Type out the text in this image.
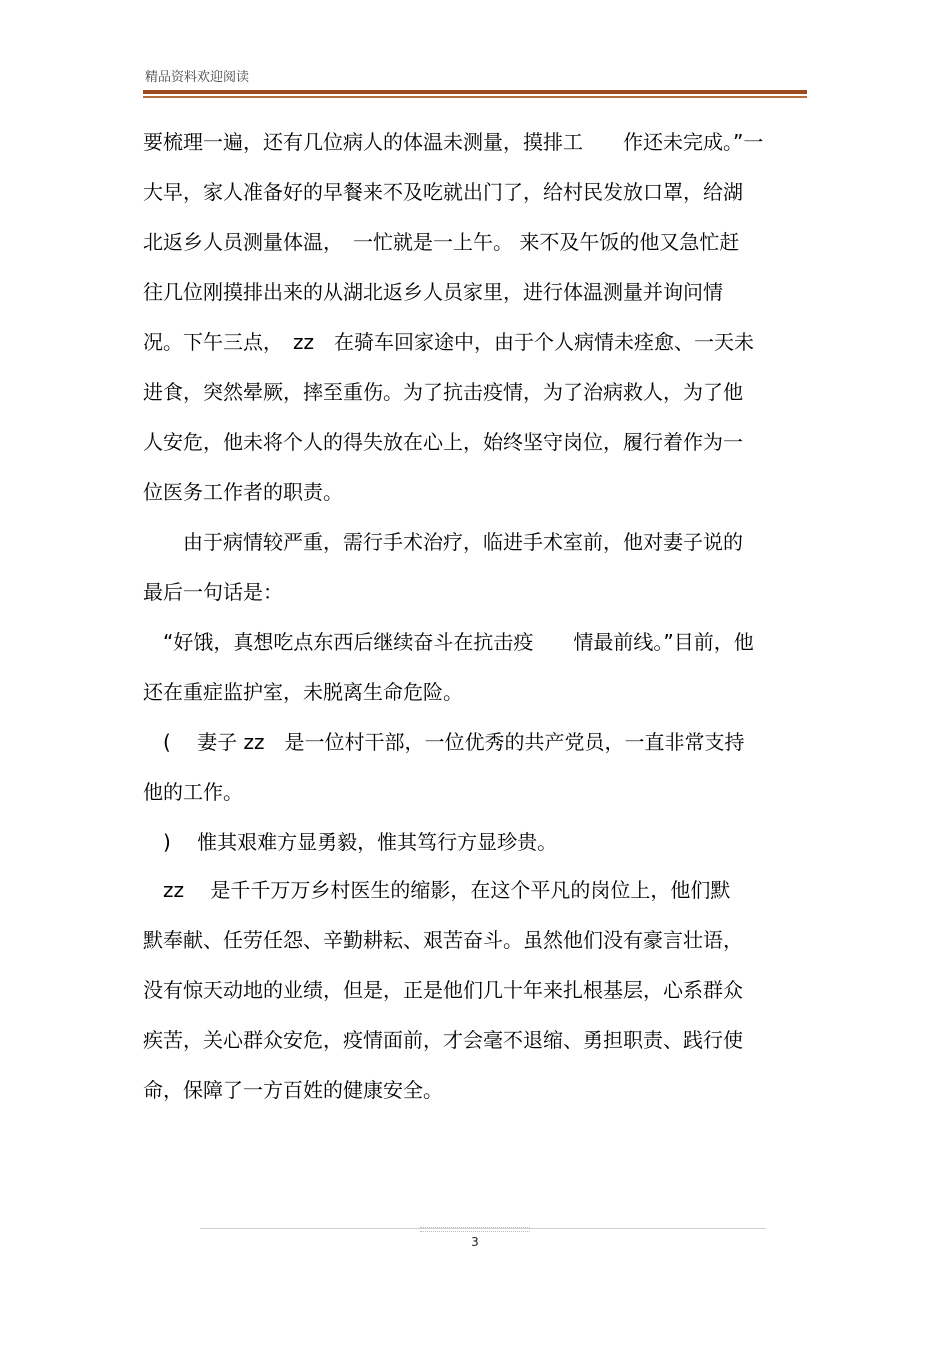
精品资料欢迎阅读
要梳理一遍，还有几位病人的体温未测量，摸排工　　作还未完成。”一
大早，家人准备好的早餐来不及吃就出门了，给村民发放口罩，给湖
北返乡人员测量体温，　一忙就是一上午。 来不及午饭的他又急忙赶
往几位刚摸排出来的从湖北返乡人员家里，进行体温测量并询问情
况。下午三点，　zz　在骑车回家途中，由于个人病情未痊愈、一天未
进食，突然晕厥，摔至重伤。为了抗击疫情，为了治病救人，为了他
人安危，他未将个人的得失放在心上，始终坚守岗位，履行着作为一
位医务工作者的职责。
　　由于病情较严重，需行手术治疗，临进手术室前，他对妻子说的
最后一句话是：
　“好饿，真想吃点东西后继续奋斗在抗击疫　　情最前线。”目前，他
还在重症监护室，未脱离生命危险。
　(　 妻子 zz　是一位村干部，一位优秀的共产党员，一直非常支持
他的工作。
　)　 惟其艰难方显勇毅，惟其笃行方显珍贵。
　zz　 是千千万万乡村医生的缩影，在这个平凡的岗位上，他们默
默奉献、任劳任怨、辛勤耕耘、艰苦奋斗。虽然他们没有豪言壮语，
没有惊天动地的业绩，但是，正是他们几十年来扎根基层，心系群众
疾苦，关心群众安危，疫情面前，才会毫不退缩、勇担职责、践行使
命，保障了一方百姓的健康安全。
3
